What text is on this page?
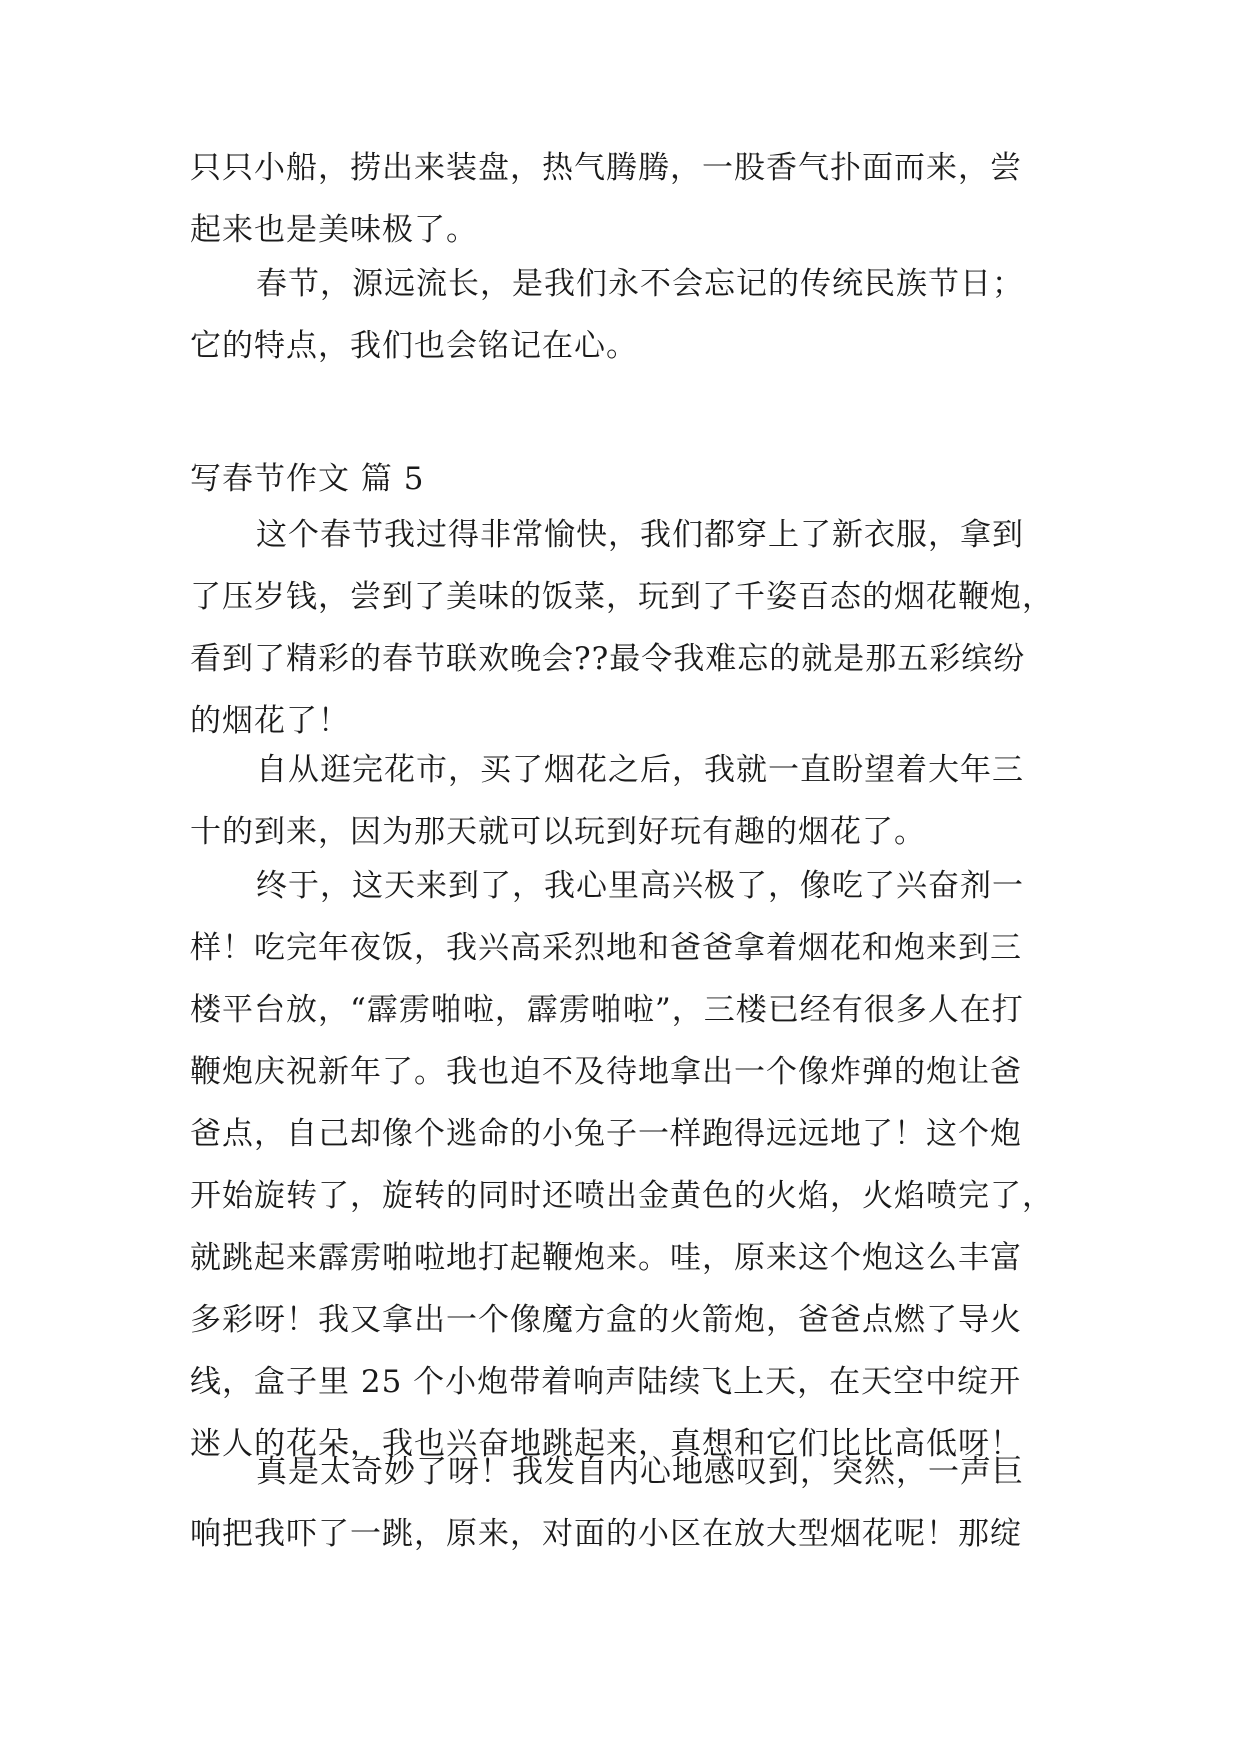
只只小船，捞出来装盘，热气腾腾，一股香气扑面而来，尝
起来也是美味极了。
春节，源远流长，是我们永不会忘记的传统民族节日；
它的特点，我们也会铭记在心。
写春节作文 篇 5
这个春节我过得非常愉快，我们都穿上了新衣服，拿到
了压岁钱，尝到了美味的饭菜，玩到了千姿百态的烟花鞭炮，
看到了精彩的春节联欢晚会??最令我难忘的就是那五彩缤纷
的烟花了！
自从逛完花市，买了烟花之后，我就一直盼望着大年三
十的到来，因为那天就可以玩到好玩有趣的烟花了。
终于，这天来到了，我心里高兴极了，像吃了兴奋剂一
样！吃完年夜饭，我兴高采烈地和爸爸拿着烟花和炮来到三
楼平台放，“霹雳啪啦，霹雳啪啦”，三楼已经有很多人在打
鞭炮庆祝新年了。我也迫不及待地拿出一个像炸弹的炮让爸
爸点，自己却像个逃命的小兔子一样跑得远远地了！这个炮
开始旋转了，旋转的同时还喷出金黄色的火焰，火焰喷完了，
就跳起来霹雳啪啦地打起鞭炮来。哇，原来这个炮这么丰富
多彩呀！我又拿出一个像魔方盒的火箭炮，爸爸点燃了导火
线，盒子里 25 个小炮带着响声陆续飞上天，在天空中绽开
迷人的花朵，我也兴奋地跳起来，真想和它们比比高低呀！
真是太奇妙了呀！我发自内心地感叹到，突然，一声巨
响把我吓了一跳，原来，对面的小区在放大型烟花呢！那绽
